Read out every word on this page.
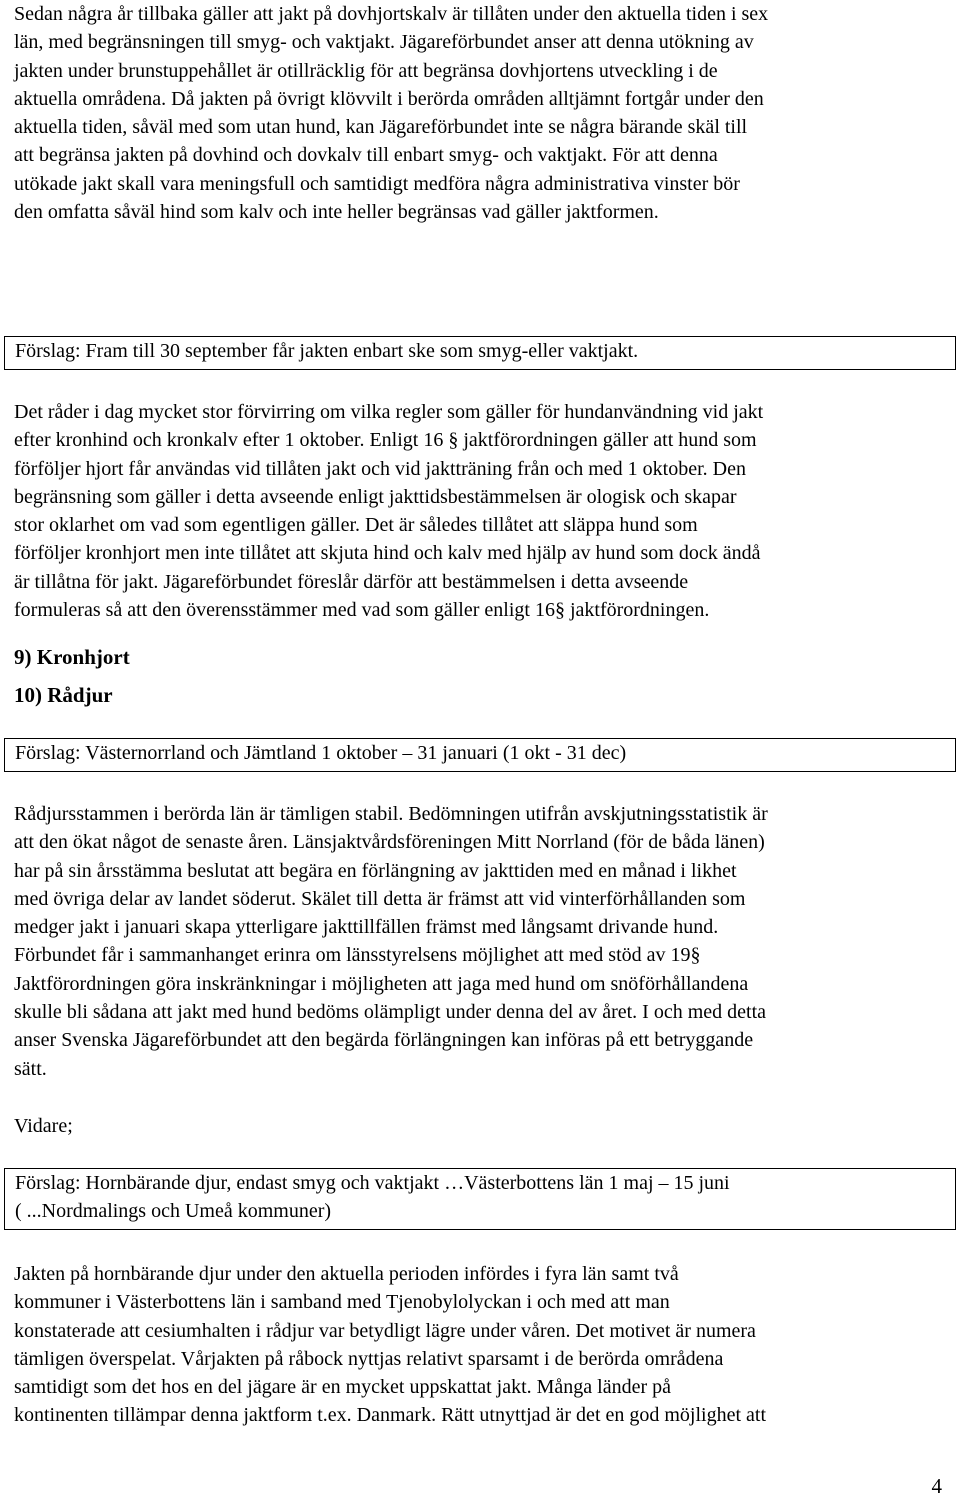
Sedan några år tillbaka gäller att jakt på dovhjortskalv är tillåten under den aktuella tiden i sex
län, med begränsningen till smyg- och vaktjakt. Jägareförbundet anser att denna utökning av
jakten under brunstuppehållet är otillräcklig för att begränsa dovhjortens utveckling i de
aktuella områdena. Då jakten på övrigt klövvilt i berörda områden alltjämnt fortgår under den
aktuella tiden, såväl med som utan hund, kan Jägareförbundet inte se några bärande skäl till
att begränsa jakten på dovhind och dovkalv till enbart smyg- och vaktjakt. För att denna
utökade jakt skall vara meningsfull och samtidigt medföra några administrativa vinster bör
den omfatta såväl hind som kalv och inte heller begränsas vad gäller jaktformen.
9) Kronhjort
Förslag: Fram till 30 september får jakten enbart ske som smyg-eller vaktjakt.
Det råder i dag mycket stor förvirring om vilka regler som gäller för hundanvändning vid jakt
efter kronhind och kronkalv efter 1 oktober. Enligt 16 § jaktförordningen gäller att hund som
förföljer hjort får användas vid tillåten jakt och vid jaktträning från och med 1 oktober. Den
begränsning som gäller i detta avseende enligt jakttidsbestämmelsen är ologisk och skapar
stor oklarhet om vad som egentligen gäller. Det är således tillåtet att släppa hund som
förföljer kronhjort men inte tillåtet att skjuta hind och kalv med hjälp av hund som dock ändå
är tillåtna för jakt. Jägareförbundet föreslår därför att bestämmelsen i detta avseende
formuleras så att den överensstämmer med vad som gäller enligt 16§ jaktförordningen.
10) Rådjur
Förslag: Västernorrland och Jämtland 1 oktober – 31 januari (1 okt - 31 dec)
Rådjursstammen i berörda län är tämligen stabil. Bedömningen utifrån avskjutningsstatistik är
att den ökat något de senaste åren. Länsjaktvårdsföreningen Mitt Norrland (för de båda länen)
har på sin årsstämma beslutat att begära en förlängning av jakttiden med en månad i likhet
med övriga delar av landet söderut. Skälet till detta är främst att vid vinterförhållanden som
medger jakt i januari skapa ytterligare jakttillfällen främst med långsamt drivande hund.
Förbundet får i sammanhanget erinra om länsstyrelsens möjlighet att med stöd av 19§
Jaktförordningen göra inskränkningar i möjligheten att jaga med hund om snöförhållandena
skulle bli sådana att jakt med hund bedöms olämpligt under denna del av året. I och med detta
anser Svenska Jägareförbundet att den begärda förlängningen kan införas på ett betryggande
sätt.
Vidare;
Förslag: Hornbärande djur, endast smyg och vaktjakt …Västerbottens län 1 maj – 15 juni
( ...Nordmalings och Umeå kommuner)
Jakten på hornbärande djur under den aktuella perioden infördes i fyra län samt två
kommuner i Västerbottens län i samband med Tjenobylolyckan i och med att man
konstaterade att cesiumhalten i rådjur var betydligt lägre under våren. Det motivet är numera
tämligen överspelat. Vårjakten på råbock nyttjas relativt sparsamt i de berörda områdena
samtidigt som det hos en del jägare är en mycket uppskattat jakt. Många länder på
kontinenten tillämpar denna jaktform t.ex. Danmark. Rätt utnyttjad är det en god möjlighet att
4
